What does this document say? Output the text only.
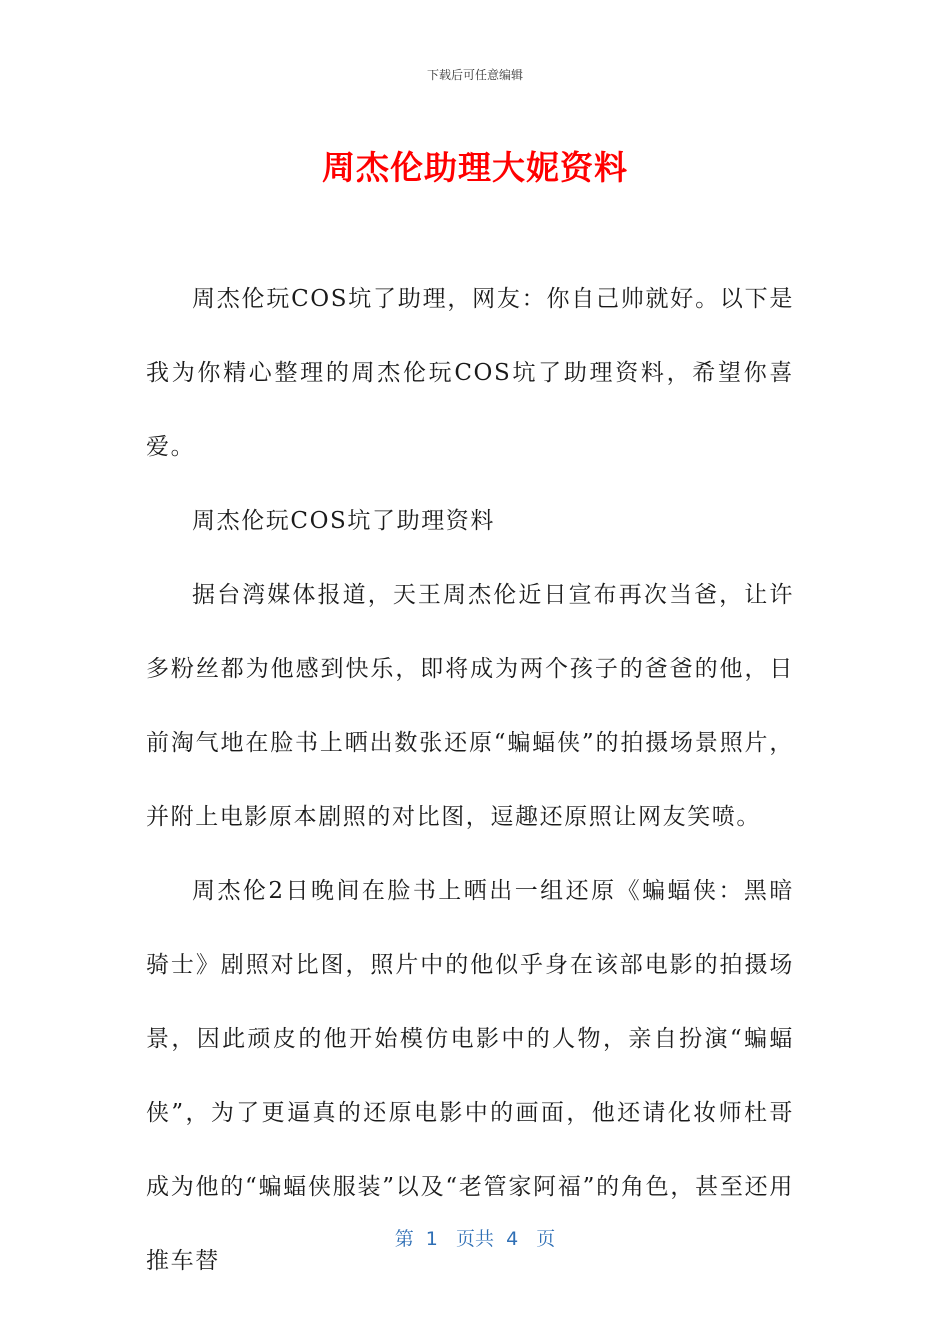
下载后可任意编辑
周杰伦助理大妮资料

周杰伦玩COS坑了助理，网友：你自己帅就好。以下是我为你精心整理的周杰伦玩COS坑了助理资料，希望你喜爱。

周杰伦玩COS坑了助理资料

据台湾媒体报道，天王周杰伦近日宣布再次当爸，让许多粉丝都为他感到快乐，即将成为两个孩子的爸爸的他，日前淘气地在脸书上晒出数张还原“蝙蝠侠”的拍摄场景照片，并附上电影原本剧照的对比图，逗趣还原照让网友笑喷。

周杰伦2日晚间在脸书上晒出一组还原《蝙蝠侠：黑暗骑士》剧照对比图，照片中的他似乎身在该部电影的拍摄场景，因此顽皮的他开始模仿电影中的人物，亲自扮演“蝙蝠侠”，为了更逼真的还原电影中的画面，他还请化妆师杜哥成为他的“蝙蝠侠服装”以及“老管家阿福”的角色，甚至还用推车替

第  1   页共  4   页
